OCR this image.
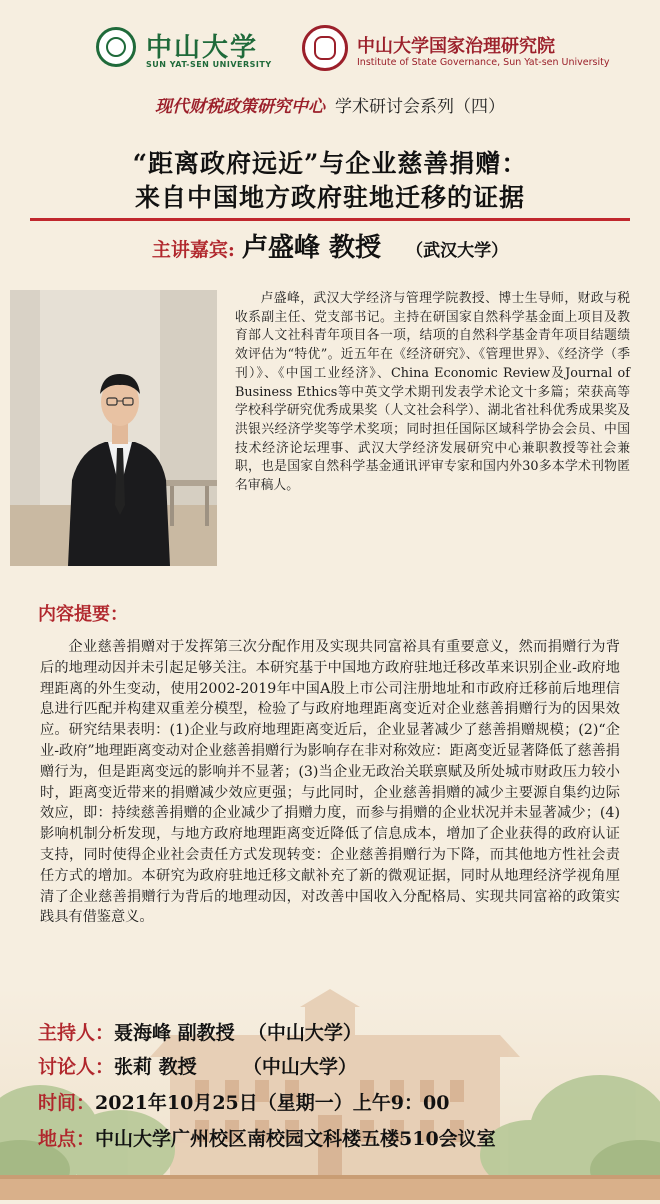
中山大学
SUN YAT-SEN UNIVERSITY
中山大学国家治理研究院
Institute of State Governance, Sun Yat-sen University
现代财税政策研究中心 学术研讨会系列（四）
“距离政府远近”与企业慈善捐赠：
来自中国地方政府驻地迁移的证据
主讲嘉宾: 卢盛峰 教授 （武汉大学）
卢盛峰，武汉大学经济与管理学院教授、博士生导师，财政与税收系副主任、党支部书记。主持在研国家自然科学基金面上项目及教育部人文社科青年项目各一项，结项的自然科学基金青年项目结题绩效评估为“特优”。近五年在《经济研究》、《管理世界》、《经济学（季刊）》、《中国工业经济》、China Economic Review及Journal of Business Ethics等中英文学术期刊发表学术论文十多篇；荣获高等学校科学研究优秀成果奖（人文社会科学）、湖北省社科优秀成果奖及洪银兴经济学奖等学术奖项；同时担任国际区域科学协会会员、中国技术经济论坛理事、武汉大学经济发展研究中心兼职教授等社会兼职，也是国家自然科学基金通讯评审专家和国内外30多本学术刊物匿名审稿人。
内容提要：
企业慈善捐赠对于发挥第三次分配作用及实现共同富裕具有重要意义，然而捐赠行为背后的地理动因并未引起足够关注。本研究基于中国地方政府驻地迁移改革来识别企业-政府地理距离的外生变动，使用2002-2019年中国A股上市公司注册地址和市政府迁移前后地理信息进行匹配并构建双重差分模型，检验了与政府地理距离变近对企业慈善捐赠行为的因果效应。研究结果表明：(1)企业与政府地理距离变近后，企业显著减少了慈善捐赠规模；(2)“企业-政府”地理距离变动对企业慈善捐赠行为影响存在非对称效应：距离变近显著降低了慈善捐赠行为，但是距离变远的影响并不显著；(3)当企业无政治关联禀赋及所处城市财政压力较小时，距离变近带来的捐赠减少效应更强；与此同时，企业慈善捐赠的减少主要源自集约边际效应，即：持续慈善捐赠的企业减少了捐赠力度，而参与捐赠的企业状况并未显著减少；(4)影响机制分析发现，与地方政府地理距离变近降低了信息成本，增加了企业获得的政府认证支持，同时使得企业社会责任方式发现转变：企业慈善捐赠行为下降，而其他地方性社会责任方式的增加。本研究为政府驻地迁移文献补充了新的微观证据，同时从地理经济学视角厘清了企业慈善捐赠行为背后的地理动因，对改善中国收入分配格局、实现共同富裕的政策实践具有借鉴意义。
主持人：聂海峰 副教授  （中山大学）
讨论人：张莉 教授       （中山大学）
时间：2021年10月25日（星期一）上午9：00
地点：中山大学广州校区南校园文科楼五楼510会议室
